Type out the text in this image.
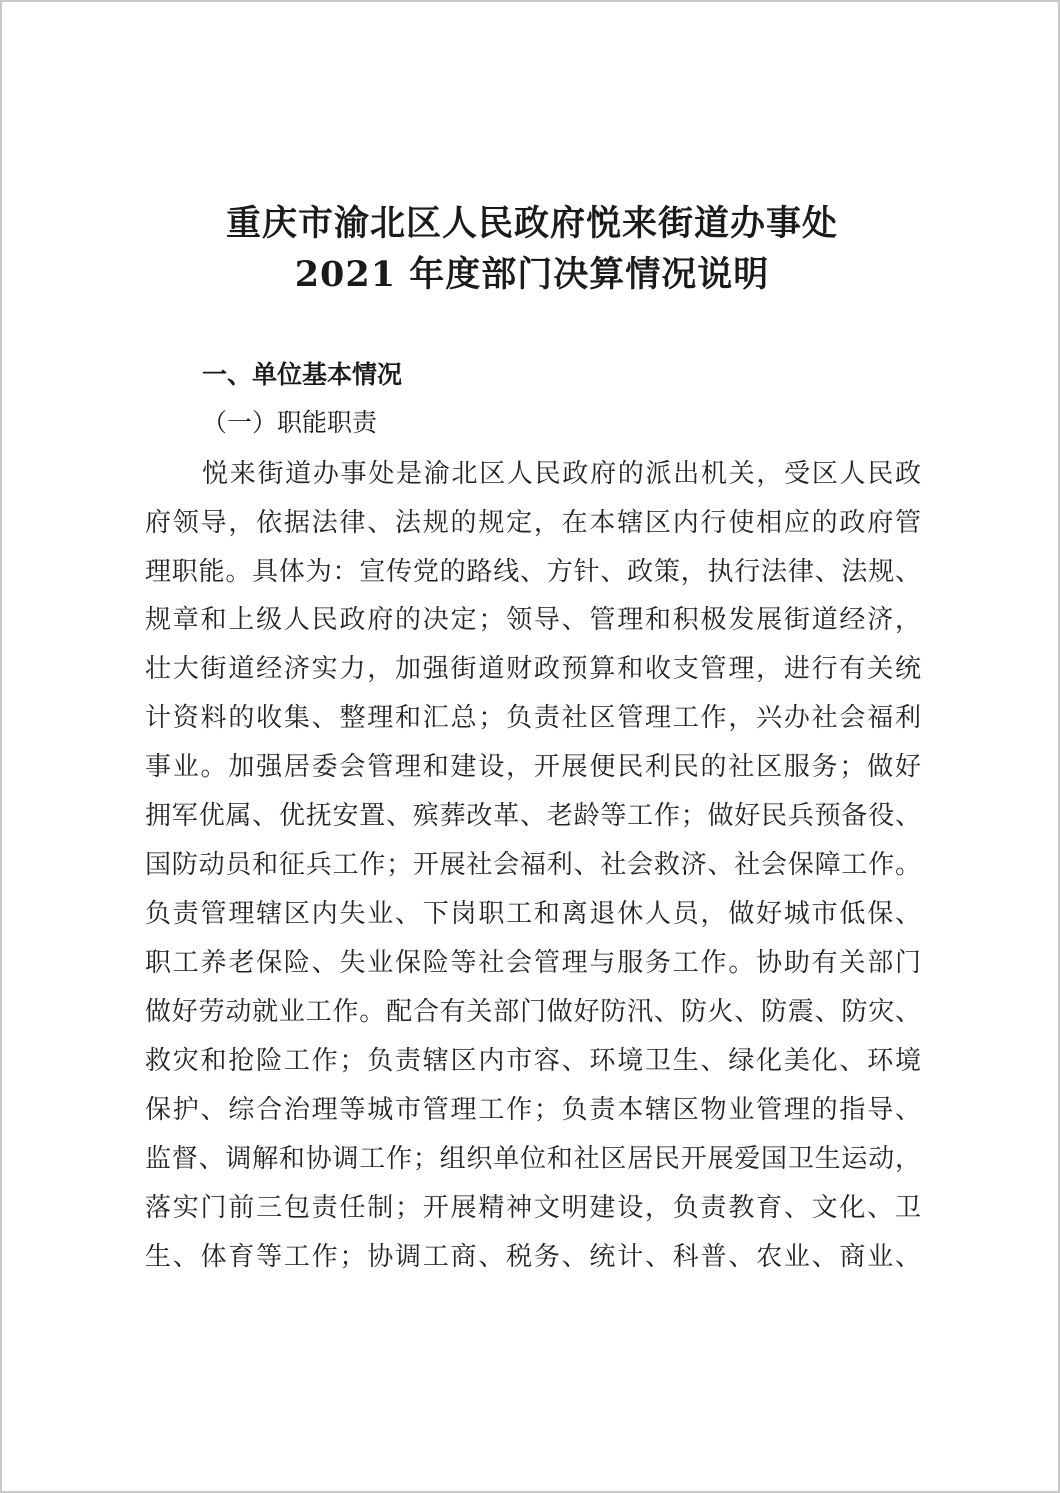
重庆市渝北区人民政府悦来街道办事处
2021 年度部门决算情况说明
一、单位基本情况
（一）职能职责
悦来街道办事处是渝北区人民政府的派出机关，受区人民政
府领导，依据法律、法规的规定，在本辖区内行使相应的政府管
理职能。具体为：宣传党的路线、方针、政策，执行法律、法规、
规章和上级人民政府的决定；领导、管理和积极发展街道经济，
壮大街道经济实力，加强街道财政预算和收支管理，进行有关统
计资料的收集、整理和汇总；负责社区管理工作，兴办社会福利
事业。加强居委会管理和建设，开展便民利民的社区服务；做好
拥军优属、优抚安置、殡葬改革、老龄等工作；做好民兵预备役、
国防动员和征兵工作；开展社会福利、社会救济、社会保障工作。
负责管理辖区内失业、下岗职工和离退休人员，做好城市低保、
职工养老保险、失业保险等社会管理与服务工作。协助有关部门
做好劳动就业工作。配合有关部门做好防汛、防火、防震、防灾、
救灾和抢险工作；负责辖区内市容、环境卫生、绿化美化、环境
保护、综合治理等城市管理工作；负责本辖区物业管理的指导、
监督、调解和协调工作；组织单位和社区居民开展爱国卫生运动，
落实门前三包责任制；开展精神文明建设，负责教育、文化、卫
生、体育等工作；协调工商、税务、统计、科普、农业、商业、
